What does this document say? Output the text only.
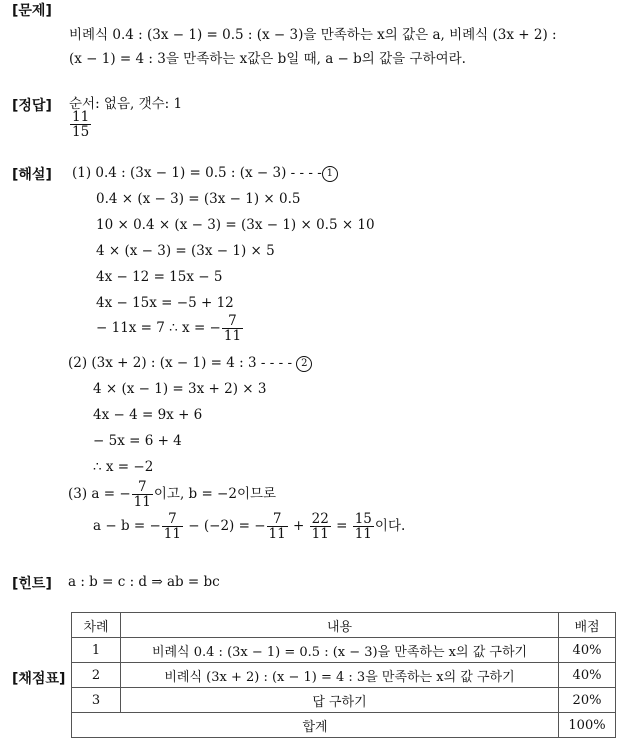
[문제]
[정답]
[해설]
[힌트]
[채점표]
비례식 0.4 : (3x − 1) = 0.5 : (x − 3)을 만족하는 x의 값은 a, 비례식 (3x + 2) :
(x − 1) = 4 : 3을 만족하는 x값은 b일 때, a − b의 값을 구하여라.
순서: 없음, 갯수: 1
$\frac{11}{15}$
(1) 0.4 : (3x − 1) = 0.5 : (x − 3) - - - - 1
0.4 × (x − 3) = (3x − 1) × 0.5
10 × 0.4 × (x − 3) = (3x − 1) × 0.5 × 10
4 × (x − 3) = (3x − 1) × 5
4x − 12 = 15x − 5
4x − 15x = −5 + 12
− 11x = 7 ∴ x = − $\frac{7}{11}$
(2) (3x + 2) : (x − 1) = 4 : 3 - - - - 2
4 × (x − 1) = 3x + 2) × 3
4x − 4 = 9x + 6
− 5x = 6 + 4
∴ x = −2
(3) a = − $\frac{7}{11}$ 이고, b = −2이므로
a − b = − $\frac{7}{11} - (-2)$ = − $\frac{7}{11} + \frac{22}{11} = \frac{15}{11}$ 이다.
a : b = c : d ⇒ ab = bc
차례	내용	배점
1	비례식 0.4 : (3x − 1) = 0.5 : (x − 3)을 만족하는 x의 값 구하기	40%
2	비례식 (3x + 2) : (x − 1) = 4 : 3을 만족하는 x의 값 구하기	40%
3	답 구하기	20%
합계		100%
